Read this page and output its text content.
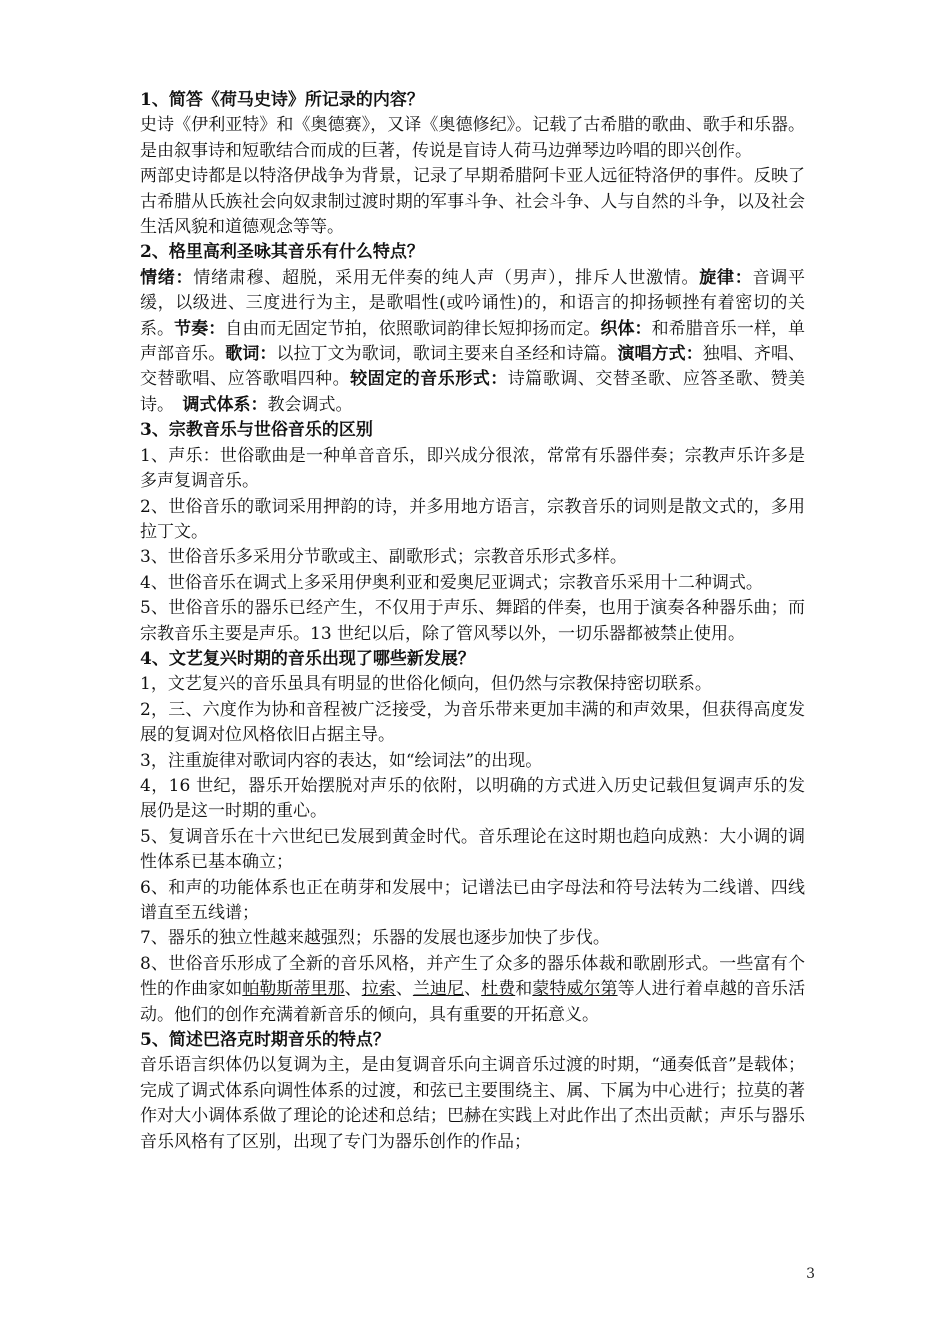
1、简答《荷马史诗》所记录的内容？

史诗《伊利亚特》和《奥德赛》，又译《奥德修纪》。记载了古希腊的歌曲、歌手和乐器。是由叙事诗和短歌结合而成的巨著，传说是盲诗人荷马边弹琴边吟唱的即兴创作。

两部史诗都是以特洛伊战争为背景，记录了早期希腊阿卡亚人远征特洛伊的事件。反映了古希腊从氏族社会向奴隶制过渡时期的军事斗争、社会斗争、人与自然的斗争，以及社会生活风貌和道德观念等等。

2、格里高利圣咏其音乐有什么特点？

情绪：情绪肃穆、超脱，采用无伴奏的纯人声（男声），排斥人世激情。旋律：音调平缓，以级进、三度进行为主，是歌唱性(或吟诵性)的，和语言的抑扬顿挫有着密切的关系。节奏：自由而无固定节拍，依照歌词韵律长短抑扬而定。织体：和希腊音乐一样，单声部音乐。歌词：以拉丁文为歌词，歌词主要来自圣经和诗篇。演唱方式：独唱、齐唱、交替歌唱、应答歌唱四种。较固定的音乐形式：诗篇歌调、交替圣歌、应答圣歌、赞美诗。　 调式体系：教会调式。

3、宗教音乐与世俗音乐的区别

1、声乐：世俗歌曲是一种单音音乐，即兴成分很浓，常常有乐器伴奏；宗教声乐许多是多声复调音乐。

2、世俗音乐的歌词采用押韵的诗，并多用地方语言，宗教音乐的词则是散文式的，多用拉丁文。

3、世俗音乐多采用分节歌或主、副歌形式；宗教音乐形式多样。

4、世俗音乐在调式上多采用伊奥利亚和爱奥尼亚调式；宗教音乐采用十二种调式。

5、世俗音乐的器乐已经产生，不仅用于声乐、舞蹈的伴奏，也用于演奏各种器乐曲；而宗教音乐主要是声乐。13 世纪以后，除了管风琴以外，一切乐器都被禁止使用。

4、文艺复兴时期的音乐出现了哪些新发展？

1，文艺复兴的音乐虽具有明显的世俗化倾向，但仍然与宗教保持密切联系。

2，三、六度作为协和音程被广泛接受，为音乐带来更加丰满的和声效果，但获得高度发展的复调对位风格依旧占据主导。

3，注重旋律对歌词内容的表达，如“绘词法”的出现。

4，16 世纪，器乐开始摆脱对声乐的依附，以明确的方式进入历史记载但复调声乐的发展仍是这一时期的重心。

5、复调音乐在十六世纪已发展到黄金时代。音乐理论在这时期也趋向成熟：大小调的调性体系已基本确立；

6、和声的功能体系也正在萌芽和发展中；记谱法已由字母法和符号法转为二线谱、四线谱直至五线谱；

7、器乐的独立性越来越强烈；乐器的发展也逐步加快了步伐。

8、世俗音乐形成了全新的音乐风格，并产生了众多的器乐体裁和歌剧形式。一些富有个性的作曲家如帕勒斯蒂里那、拉索、兰迪尼、杜费和蒙特威尔第等人进行着卓越的音乐活动。他们的创作充满着新音乐的倾向，具有重要的开拓意义。

5、简述巴洛克时期音乐的特点？

音乐语言织体仍以复调为主，是由复调音乐向主调音乐过渡的时期，“通奏低音”是载体；完成了调式体系向调性体系的过渡，和弦已主要围绕主、属、下属为中心进行；拉莫的著作对大小调体系做了理论的论述和总结；巴赫在实践上对此作出了杰出贡献；声乐与器乐音乐风格有了区别，出现了专门为器乐创作的作品；

3
